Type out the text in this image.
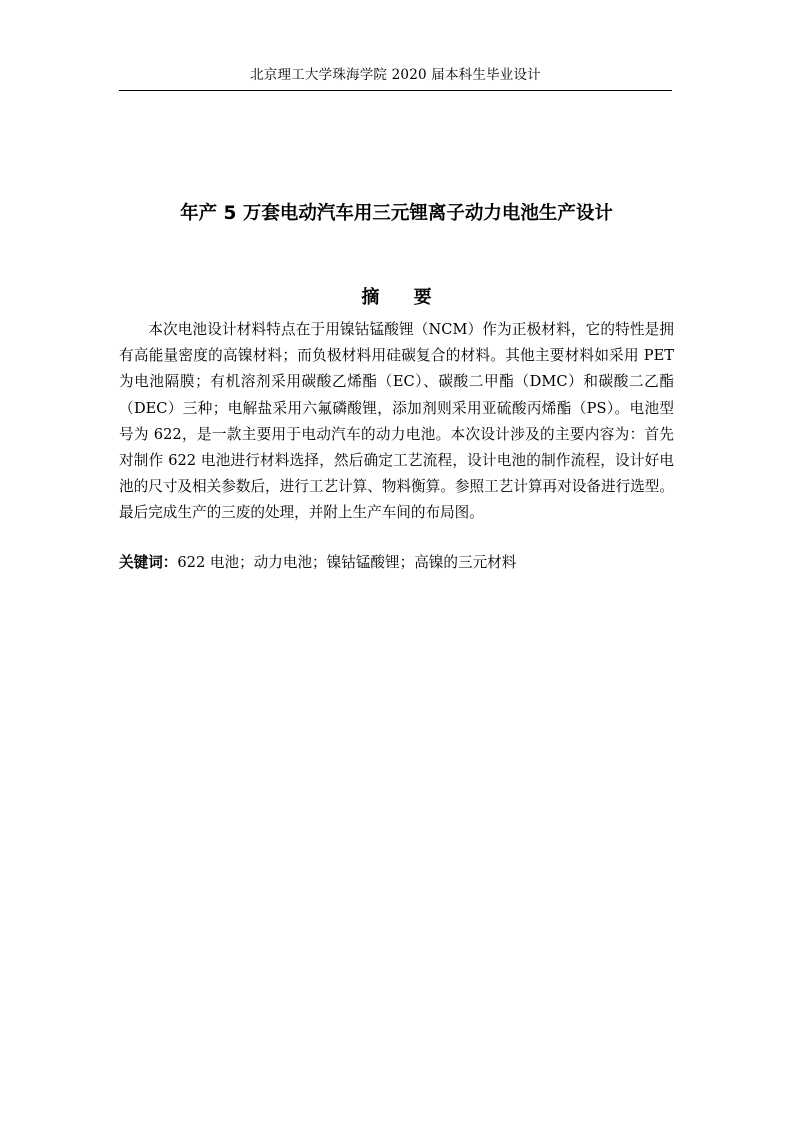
北京理工大学珠海学院 2020 届本科生毕业设计
年产 5 万套电动汽车用三元锂离子动力电池生产设计
摘 要

本次电池设计材料特点在于用镍钴锰酸锂（NCM）作为正极材料，它的特性是拥有高能量密度的高镍材料；而负极材料用硅碳复合的材料。其他主要材料如采用 PET 为电池隔膜；有机溶剂采用碳酸乙烯酯（EC）、碳酸二甲酯（DMC）和碳酸二乙酯（DEC）三种；电解盐采用六氟磷酸锂，添加剂则采用亚硫酸丙烯酯（PS）。电池型号为 622，是一款主要用于电动汽车的动力电池。本次设计涉及的主要内容为：首先对制作 622 电池进行材料选择，然后确定工艺流程，设计电池的制作流程，设计好电池的尺寸及相关参数后，进行工艺计算、物料衡算。参照工艺计算再对设备进行选型。最后完成生产的三废的处理，并附上生产车间的布局图。

关键词：622 电池；动力电池；镍钴锰酸锂；高镍的三元材料
